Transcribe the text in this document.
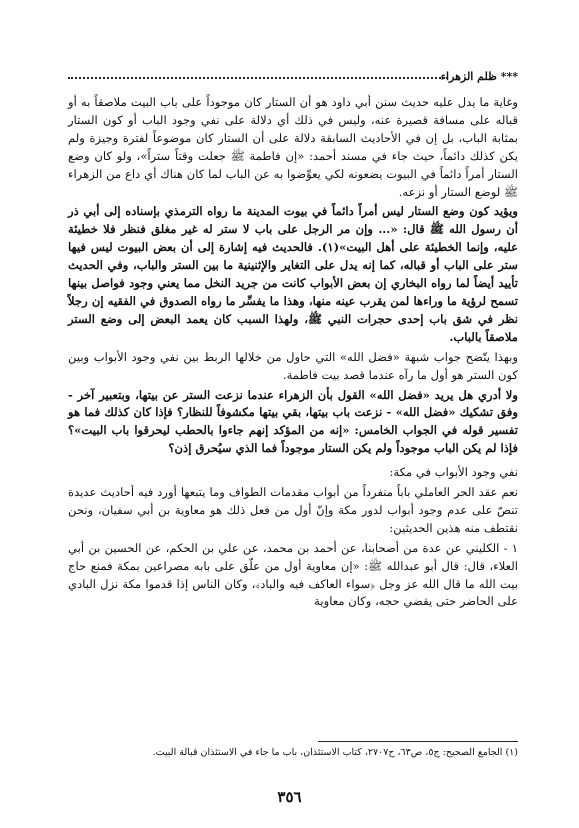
*** ظلم الزهراء

وغاية ما يدل عليه حديث سنن أبي داود هو أن الستار كان موجوداً على باب البيت ملاصقاً به أو قباله على مسافة قصيرة عنه، وليس في ذلك أي دلالة على نفي وجود الباب أو كون الستار بمثابة الباب، بل إن في الأحاديث السابقة دلالة على أن الستار كان موضوعاً لفترة وجيزة ولم يكن كذلك دائماً، حيث جاء في مسند أحمد: «إن فاطمة ﷺ جعلت وقتاً ستراً»، ولو كان وضع الستار أمراً دائماً في البيوت يضعونه لكي يعوِّضوا به عن الباب لما كان هناك أي داع من الزهراء ﷺ لوضع الستار أو نزعه.

ويؤيد كون وضع الستار ليس أمراً دائماً في بيوت المدينة ما رواه الترمذي بإسناده إلى أبي ذر أن رسول الله ﷺ قال: «... وإن مر الرجل على باب لا ستر له غير مغلق فنظر فلا خطيئة عليه، وإنما الخطيئة على أهل البيت»(١). فالحديث فيه إشارة إلى أن بعض البيوت ليس فيها ستر على الباب أو قباله، كما إنه يدل على التغاير والإثنينية ما بين الستر والباب، وفي الحديث تأييد أيضاً لما رواه البخاري إن بعض الأبواب كانت من جريد النخل مما يعني وجود فواصل بينها تسمح لرؤية ما وراءها لمن يقرب عينه منها، وهذا ما يفسِّر ما رواه الصدوق في الفقيه إن رجلاً نظر في شق باب إحدى حجرات النبي ﷺ، ولهذا السبب كان يعمد البعض إلى وضع الستر ملاصقاً بالباب.

وبهذا يتّضح جواب شبهة «فضل الله» التي حاول من خلالها الربط بين نفي وجود الأبواب وبين كون الستر هو أول ما رآه عندما قصد بيت فاطمة.

ولا أدري هل يريد «فضل الله» القول بأن الزهراء عندما نزعت الستر عن بيتها، وبتعبير آخر - وفق تشكيك «فضل الله» - نزعت باب بيتها، بقي بيتها مكشوفاً للنظار؟ فإذا كان كذلك فما هو تفسير قوله في الجواب الخامس: «إنه من المؤكد إنهم جاءوا بالحطب ليحرقوا باب البيت»؟ فإذا لم يكن الباب موجوداً ولم يكن الستار موجوداً فما الذي سيُحرق إذن؟

نفي وجود الأبواب في مكة:

نعم عقد الحر العاملي باباً منفرداً من أبواب مقدمات الطواف وما يتبعها أورد فيه أحاديث عديدة تنصّ على عدم وجود أبواب لدور مكة وإنّ أول من فعل ذلك هو معاوية بن أبي سفيان، ونحن نقتطف منه هذين الحديثين:

١ - الكليني عن عدة من أصحابنا، عن أحمد بن محمد، عن علي بن الحكم، عن الحسين بن أبي العلاء، قال: قال أبو عبدالله ﷺ: «إن معاوية أول من علّق على بابه مصراعين بمكة فمنع حاج بيت الله ما قال الله عز وجل ﴿سواء العاكف فيه والباد﴾، وكان الناس إذا قدموا مكة نزل البادي على الحاضر حتى يقضي حجه، وكان معاوية

(١) الجامع الصحيح: ج٥، ص٦٣، ح٢٧٠٧، كتاب الاستئذان، باب ما جاء في الاستئذان قبالة البيت.
٣٥٦
